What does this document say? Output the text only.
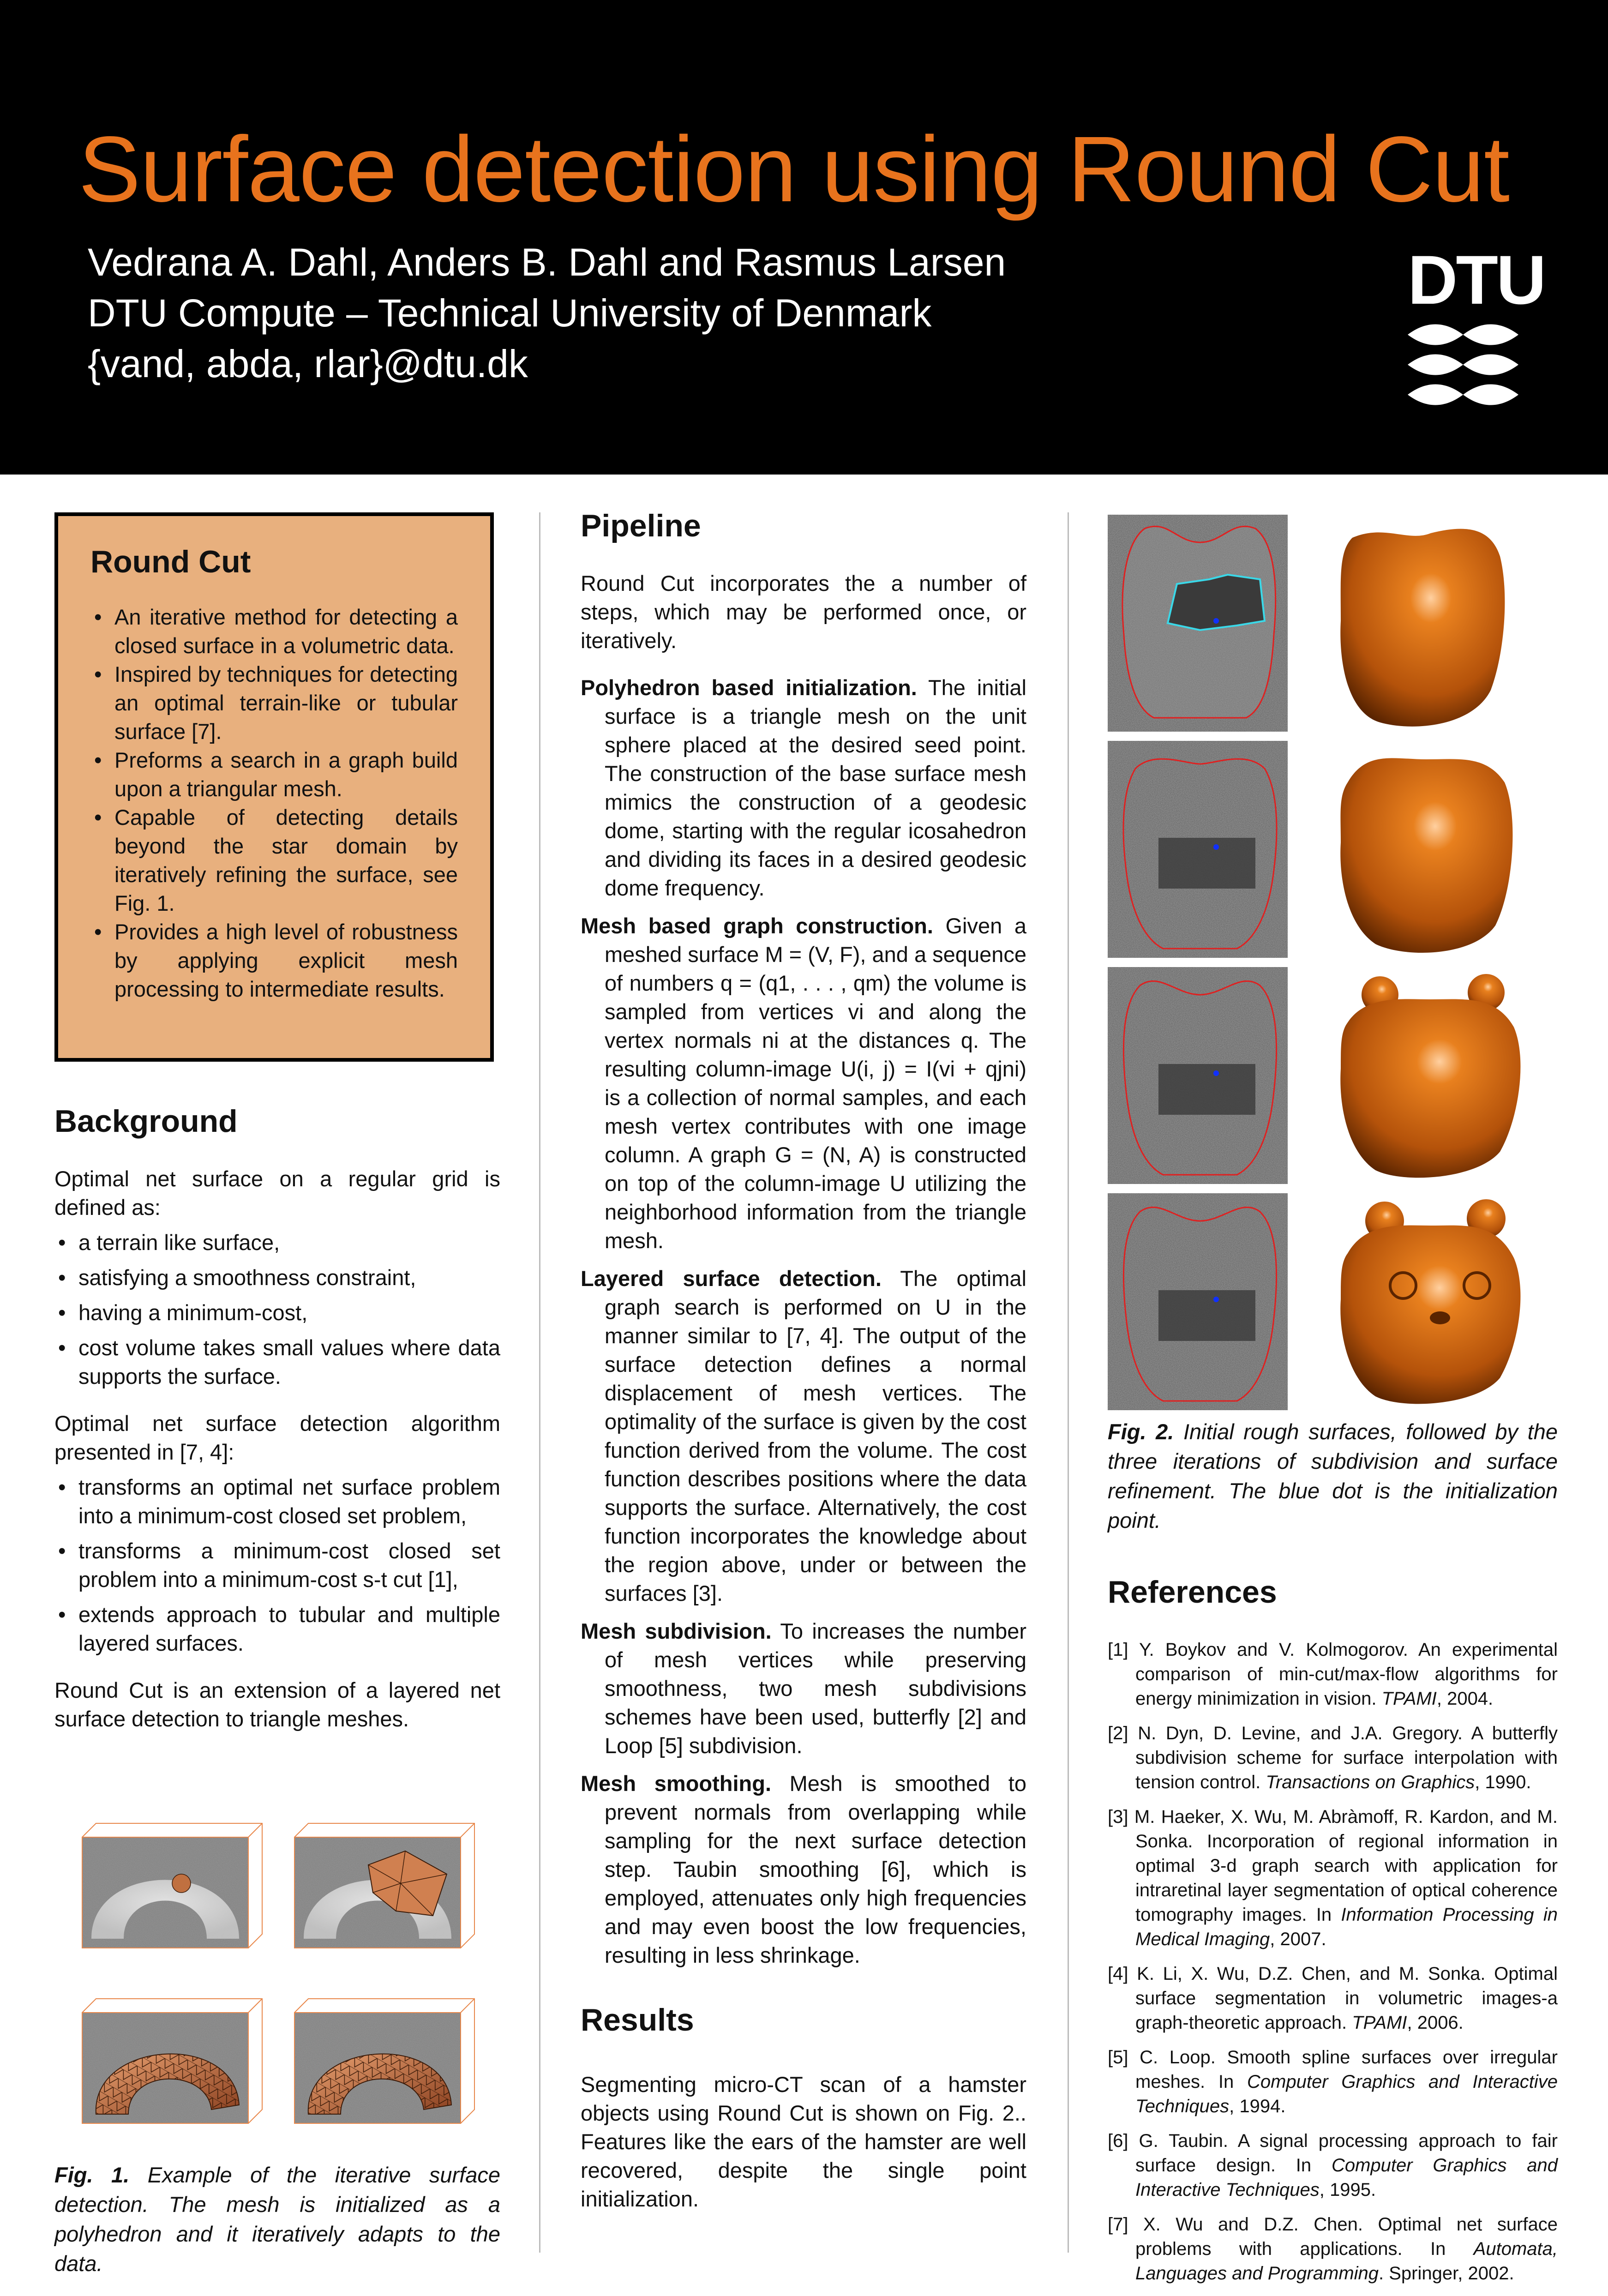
Surface detection using Round Cut
Vedrana A. Dahl, Anders B. Dahl and Rasmus Larsen
DTU Compute – Technical University of Denmark
{vand, abda, rlar}@dtu.dk
DTU
Round Cut
• An iterative method for detecting a closed surface in a volumetric data.
• Inspired by techniques for detecting an optimal terrain-like or tubular surface [7].
• Preforms a search in a graph build upon a triangular mesh.
• Capable of detecting details beyond the star domain by iteratively refining the surface, see Fig. 1.
• Provides a high level of robustness by applying explicit mesh processing to intermediate results.
Background

Optimal net surface on a regular grid is defined as:

• a terrain like surface,
• satisfying a smoothness constraint,
• having a minimum-cost,
• cost volume takes small values where data supports the surface.

Optimal net surface detection algorithm presented in [7, 4]:

• transforms an optimal net surface problem into a minimum-cost closed set problem,
• transforms a minimum-cost closed set problem into a minimum-cost s-t cut [1],
• extends approach to tubular and multiple layered surfaces.

Round Cut is an extension of a layered net surface detection to triangle meshes.

Fig. 1. Example of the iterative surface detection. The mesh is initialized as a polyhedron and it iteratively adapts to the data.

Pipeline

Round Cut incorporates the a number of steps, which may be performed once, or iteratively.

Polyhedron based initialization. The initial surface is a triangle mesh on the unit sphere placed at the desired seed point. The construction of the base surface mesh mimics the construction of a geodesic dome, starting with the regular icosahedron and dividing its faces in a desired geodesic dome frequency.
Mesh based graph construction. Given a meshed surface M = (V, F), and a sequence of numbers q = (q1, . . . , qm) the volume is sampled from vertices vi and along the vertex normals ni at the distances q. The resulting column-image U(i, j) = I(vi + qjni) is a collection of normal samples, and each mesh vertex contributes with one image column. A graph G = (N, A) is constructed on top of the column-image U utilizing the neighborhood information from the triangle mesh.
Layered surface detection. The optimal graph search is performed on U in the manner similar to [7, 4]. The output of the surface detection defines a normal displacement of mesh vertices. The optimality of the surface is given by the cost function derived from the volume. The cost function describes positions where the data supports the surface. Alternatively, the cost function incorporates the knowledge about the region above, under or between the surfaces [3].
Mesh subdivision. To increases the number of mesh vertices while preserving smoothness, two mesh subdivisions schemes have been used, butterfly [2] and Loop [5] subdivision.
Mesh smoothing. Mesh is smoothed to prevent normals from overlapping while sampling for the next surface detection step. Taubin smoothing [6], which is employed, attenuates only high frequencies and may even boost the low frequencies, resulting in less shrinkage.
Results

Segmenting micro-CT scan of a hamster objects using Round Cut is shown on Fig. 2.. Features like the ears of the hamster are well recovered, despite the single point initialization.

Fig. 2. Initial rough surfaces, followed by the three iterations of subdivision and surface refinement. The blue dot is the initialization point.

References
[1] Y. Boykov and V. Kolmogorov. An experimental comparison of min-cut/max-flow algorithms for energy minimization in vision. TPAMI, 2004.
[2] N. Dyn, D. Levine, and J.A. Gregory. A butterfly subdivision scheme for surface interpolation with tension control. Transactions on Graphics, 1990.
[3] M. Haeker, X. Wu, M. Abràmoff, R. Kardon, and M. Sonka. Incorporation of regional information in optimal 3-d graph search with application for intraretinal layer segmentation of optical coherence tomography images. In Information Processing in Medical Imaging, 2007.
[4] K. Li, X. Wu, D.Z. Chen, and M. Sonka. Optimal surface segmentation in volumetric images-a graph-theoretic approach. TPAMI, 2006.
[5] C. Loop. Smooth spline surfaces over irregular meshes. In Computer Graphics and Interactive Techniques, 1994.
[6] G. Taubin. A signal processing approach to fair surface design. In Computer Graphics and Interactive Techniques, 1995.
[7] X. Wu and D.Z. Chen. Optimal net surface problems with applications. In Automata, Languages and Programming. Springer, 2002.
